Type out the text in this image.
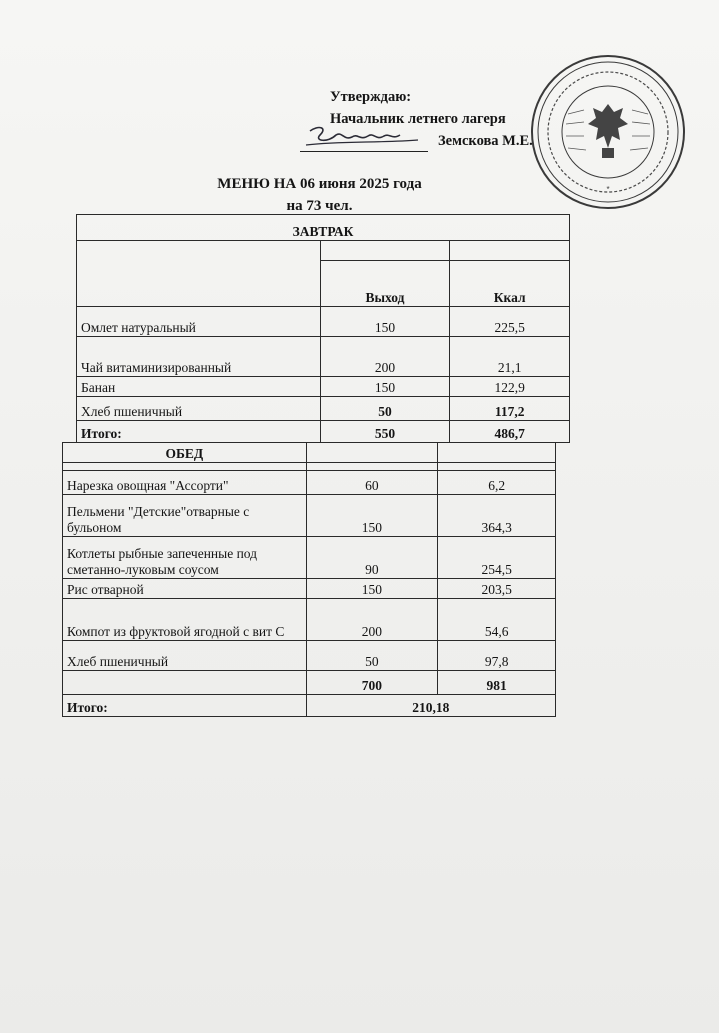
Утверждаю:
Начальник летнего лагеря
Земскова М.Е.
*
МЕНЮ НА 06 июня 2025 года
на 73 чел.
ЗАВТРАК		

	Выход	Ккал
Омлет натуральный	150	225,5
Чай витаминизированный	200	21,1
Банан	150	122,9
Хлеб пшеничный	50	117,2
Итого:	550	486,7
ОБЕД		

Нарезка овощная "Ассорти"	60	6,2
Пельмени "Детские"отварные с бульоном	150	364,3
Котлеты рыбные запеченные под сметанно-луковым соусом	90	254,5
Рис отварной	150	203,5
Компот из фруктовой ягодной с вит С	200	54,6
Хлеб пшеничный	50	97,8
	700	981
Итого:	210,18	
